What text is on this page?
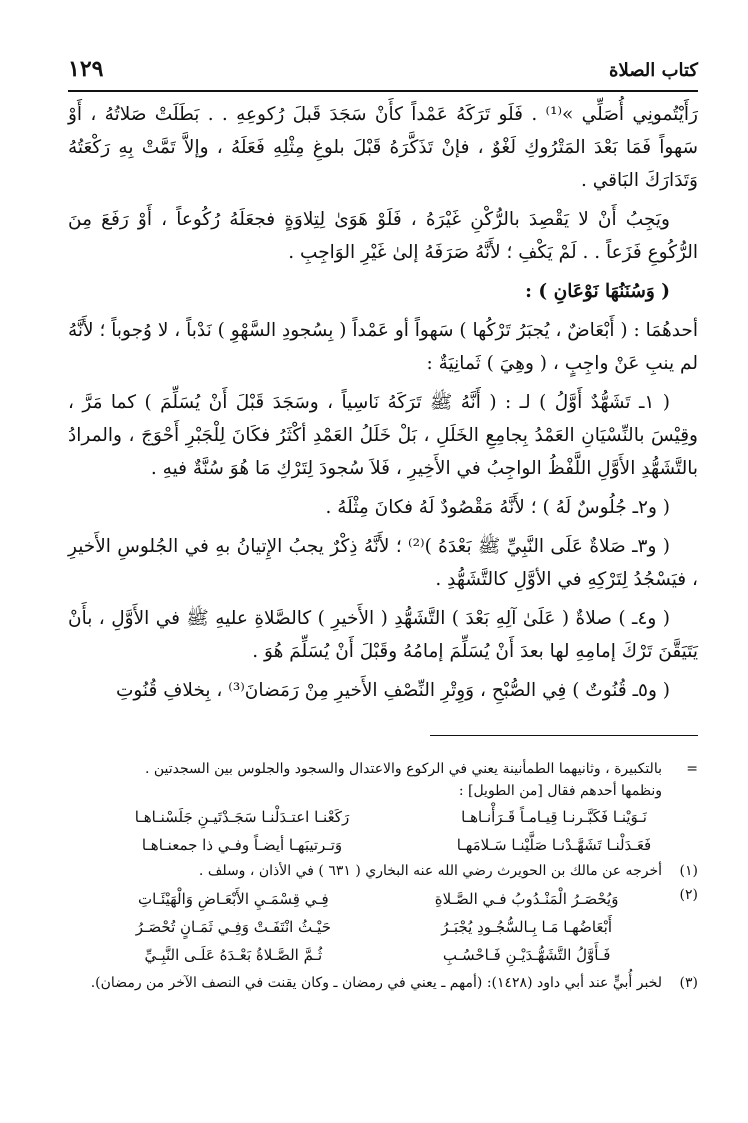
كتاب الصلاة
١٢٩

رَأَيْتُمونِي أُصَلِّي »⁽¹⁾ . فَلَو تَرَكَهُ عَمْداً كأَنْ سَجَدَ قَبلَ رُكوعِهِ . . بَطَلَتْ صَلاتُهُ ، أَوْ سَهواً فَمَا بَعْدَ المَتْرُوكِ لَغْوٌ ، فإنْ تَذَكَّرَهُ قَبْلَ بلوغِ مِثْلِهِ فَعَلَهُ ، وإلاَّ تَمَّتْ بِهِ رَكْعَتُهُ وَتَدَارَكَ البَاقي .

ويَجِبُ أَنْ لا يَقْصِدَ بالرُّكْنِ غَيْرَهُ ، فَلَوْ هَوَىٰ لِتِلاوَةٍ فجعَلَهُ رُكُوعاً ، أَوْ رَفَعَ مِنَ الرُّكُوعِ فَزَعاً . . لَمْ يَكْفِ ؛ لأَنَّهُ صَرَفَهُ إلىٰ غَيْرِ الوَاجِبِ .

( وَسُنَنُهَا نَوْعَانِ ) :

أحدهُمَا : ( أَبْعَاضٌ ، يُجبَرُ تَرْكُها ) سَهواً أو عَمْداً ( بِسُجودِ السَّهْوِ ) نَدْباً ، لا وُجوباً ؛ لأَنَّهُ لم ينبِ عَنْ واجِبٍ ، ( وهِيَ ) ثَمانِيَةٌ :

( ١ـ تَشَهُّدٌ أَوَّلُ ) لـ : ( أَنَّهُ ﷺ تَرَكَهُ نَاسِياً ، وسَجَدَ قَبْلَ أَنْ يُسَلِّمَ ) كما مَرَّ ، وقِيْسَ بالنِّسْيَانِ العَمْدُ بِجامِعِ الخَلَلِ ، بَلْ خَلَلُ العَمْدِ أكْثَرُ فكَانَ لِلْجَبْرِ أَحْوَجَ ، والمرادُ بالتَّشَهُّدِ الأَوَّلِ اللَّفْظُ الواجِبُ في الأَخِيرِ ، فَلاَ سُجودَ لِتَرْكِ مَا هُوَ سُنَّةٌ فيهِ .

( و٢ـ جُلُوسٌ لَهُ ) ؛ لأَنَّهُ مَقْصُودٌ لَهُ فكانَ مِثْلَهُ .

( و٣ـ صَلاةٌ عَلَى النَّبِيِّ ﷺ بَعْدَهُ )⁽²⁾ ؛ لأَنَّهُ ذِكْرٌ يجبُ الإِتيانُ بهِ في الجُلوسِ الأَخيرِ ، فيَسْجُدُ لِتَرْكِهِ في الأوَّلِ كالتَّشَهُّدِ .

( و٤ـ ) صلاةٌ ( عَلَىٰ آلِهِ بَعْدَ ) التَّشَهُّدِ ( الأَخيرِ ) كالصَّلاةِ عليهِ ﷺ في الأَوَّلِ ، بأَنْ يَتَيَقَّنَ تَرْكَ إمامِهِ لها بعدَ أَنْ يُسَلِّمَ إمامُهُ وقَبْلَ أَنْ يُسَلِّمَ هُوَ .

( و٥ـ قُنُوتٌ ) فِي الصُّبْحِ ، وَوِتْرِ النِّصْفِ الأَخيرِ مِنْ رَمَضانَ⁽³⁾ ، بِخلافِ قُنُوتِ

=
بالتكبيرة ، وثانيهما الطمأنينة يعني في الركوع والاعتدال والسجود والجلوس بين السجدتين .
ونظمها أحدهم فقال [من الطويل] :
نَـوَيْنـا فَكَبَّـرنـا قِيـامـاً قَـرَأْنـاهـا
رَكَعْنـا اعتـدَلْنـا سَجَـدْتَيـنِ جَلَسْنـاهـا
فَعَـدَلْنـا تَشَهَّـدْنـا صَلَّيْنـا سَـلامَهـا
وَتـرتيبَهـا أيضـاً وفـي ذا جمعنـاهـا
(١)
أخرجه عن مالك بن الحويرث رضي الله عنه البخاري ( ٦٣١ ) في الأذان ، وسلف .
(٢)
وَيُحْصَـرُ الْمَنْـدُوبُ فـي الصَّـلاةِ
فِـي قِسْمَـيِ الأَبْعَـاضِ وَالْهَيْئَـاتِ
أَبْعَاضُهـا مَـا بِـالسُّجُـودِ يُجْبَـرُ
حَيْـثُ انْتَفَـتْ وَفِـي ثَمَـانٍ تُحْصَـرُ
فَـأَوَّلُ التَّشَهُّـدَيْـنِ فَـاحْسُـبِ
ثُـمَّ الصَّـلاةُ بَعْـدَهُ عَلَـى النَّبِـيِّ
(٣)
لخبر أُبيٍّ عند أبي داود (١٤٢٨): (أمهم ـ يعني في رمضان ـ وكان يقنت في النصف الآخر من رمضان).
